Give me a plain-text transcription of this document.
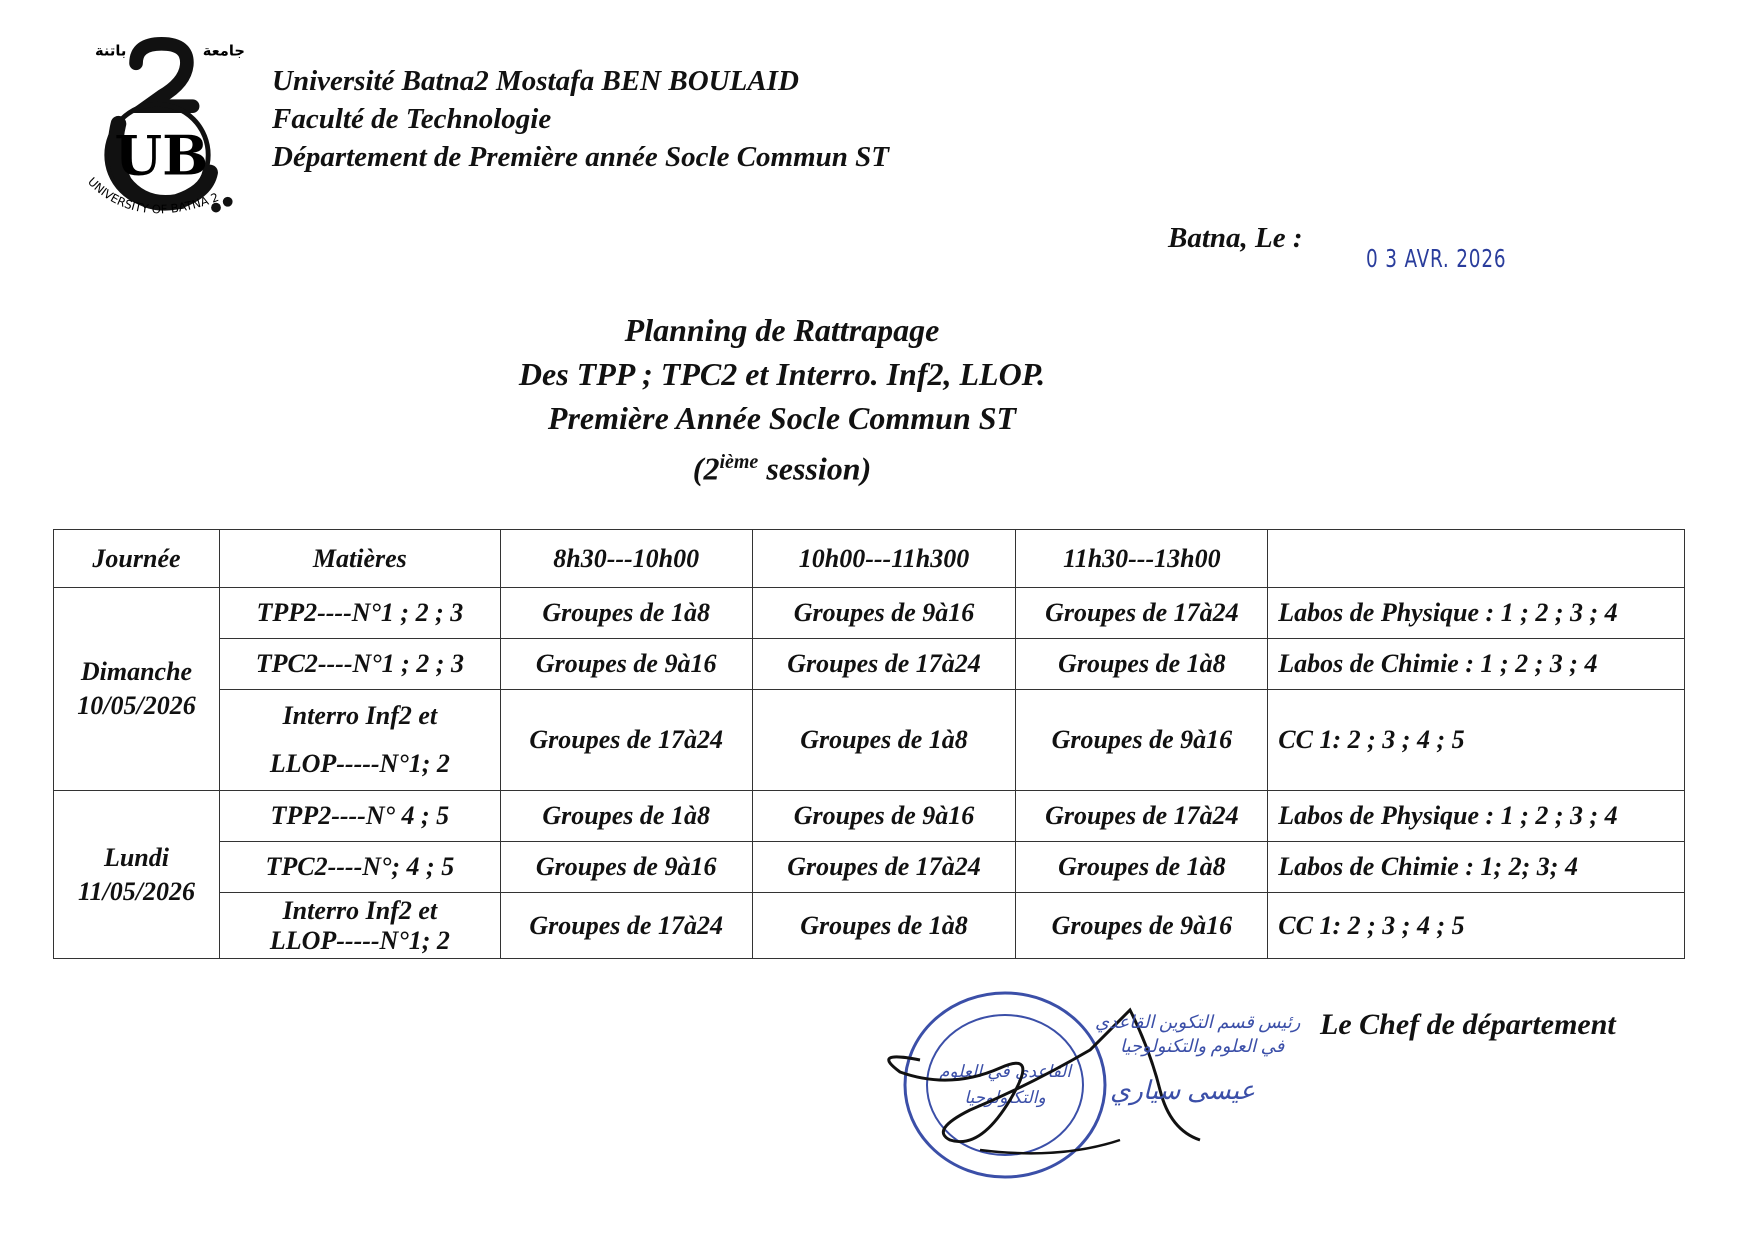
باتنة	جامعة
UB
UNIVERSITY OF BATNA 2
Université Batna2 Mostafa BEN BOULAID
Faculté de Technologie
Département de Première année Socle Commun ST
Batna, Le :
0 3 AVR. 2026
Planning de Rattrapage
Des TPP ; TPC2 et Interro. Inf2, LLOP.
Première Année Socle Commun ST
(2ième session)
Journée	Matières	8h30---10h00	10h00---11h300	11h30---13h00	

Dimanche
10/05/2026	TPP2----N°1 ; 2 ; 3	Groupes de 1à8	Groupes de 9à16	Groupes de 17à24	Labos de Physique : 1 ; 2 ; 3 ; 4
	TPC2----N°1 ; 2 ; 3	Groupes de 9à16	Groupes de 17à24	Groupes de 1à8	Labos de Chimie : 1 ; 2 ; 3 ; 4

	Interro Inf2 et
LLOP-----N°1; 2	Groupes de 17à24	Groupes de 1à8	Groupes de 9à16	CC 1: 2 ; 3 ; 4 ; 5

Lundi
11/05/2026	TPP2----N° 4 ; 5	Groupes de 1à8	Groupes de 9à16	Groupes de 17à24	Labos de Physique : 1 ; 2 ; 3 ; 4
	TPC2----N°; 4 ; 5	Groupes de 9à16	Groupes de 17à24	Groupes de 1à8	Labos de Chimie : 1; 2; 3; 4

	Interro Inf2 et
LLOP-----N°1; 2	Groupes de 17à24	Groupes de 1à8	Groupes de 9à16	CC 1: 2 ; 3 ; 4 ; 5
القاعدي في العلوم
والتكنولوجيا
رئيس قسم التكوين القاعدي
في العلوم والتكنولوجيا
عيسى سياري
Le Chef de département
